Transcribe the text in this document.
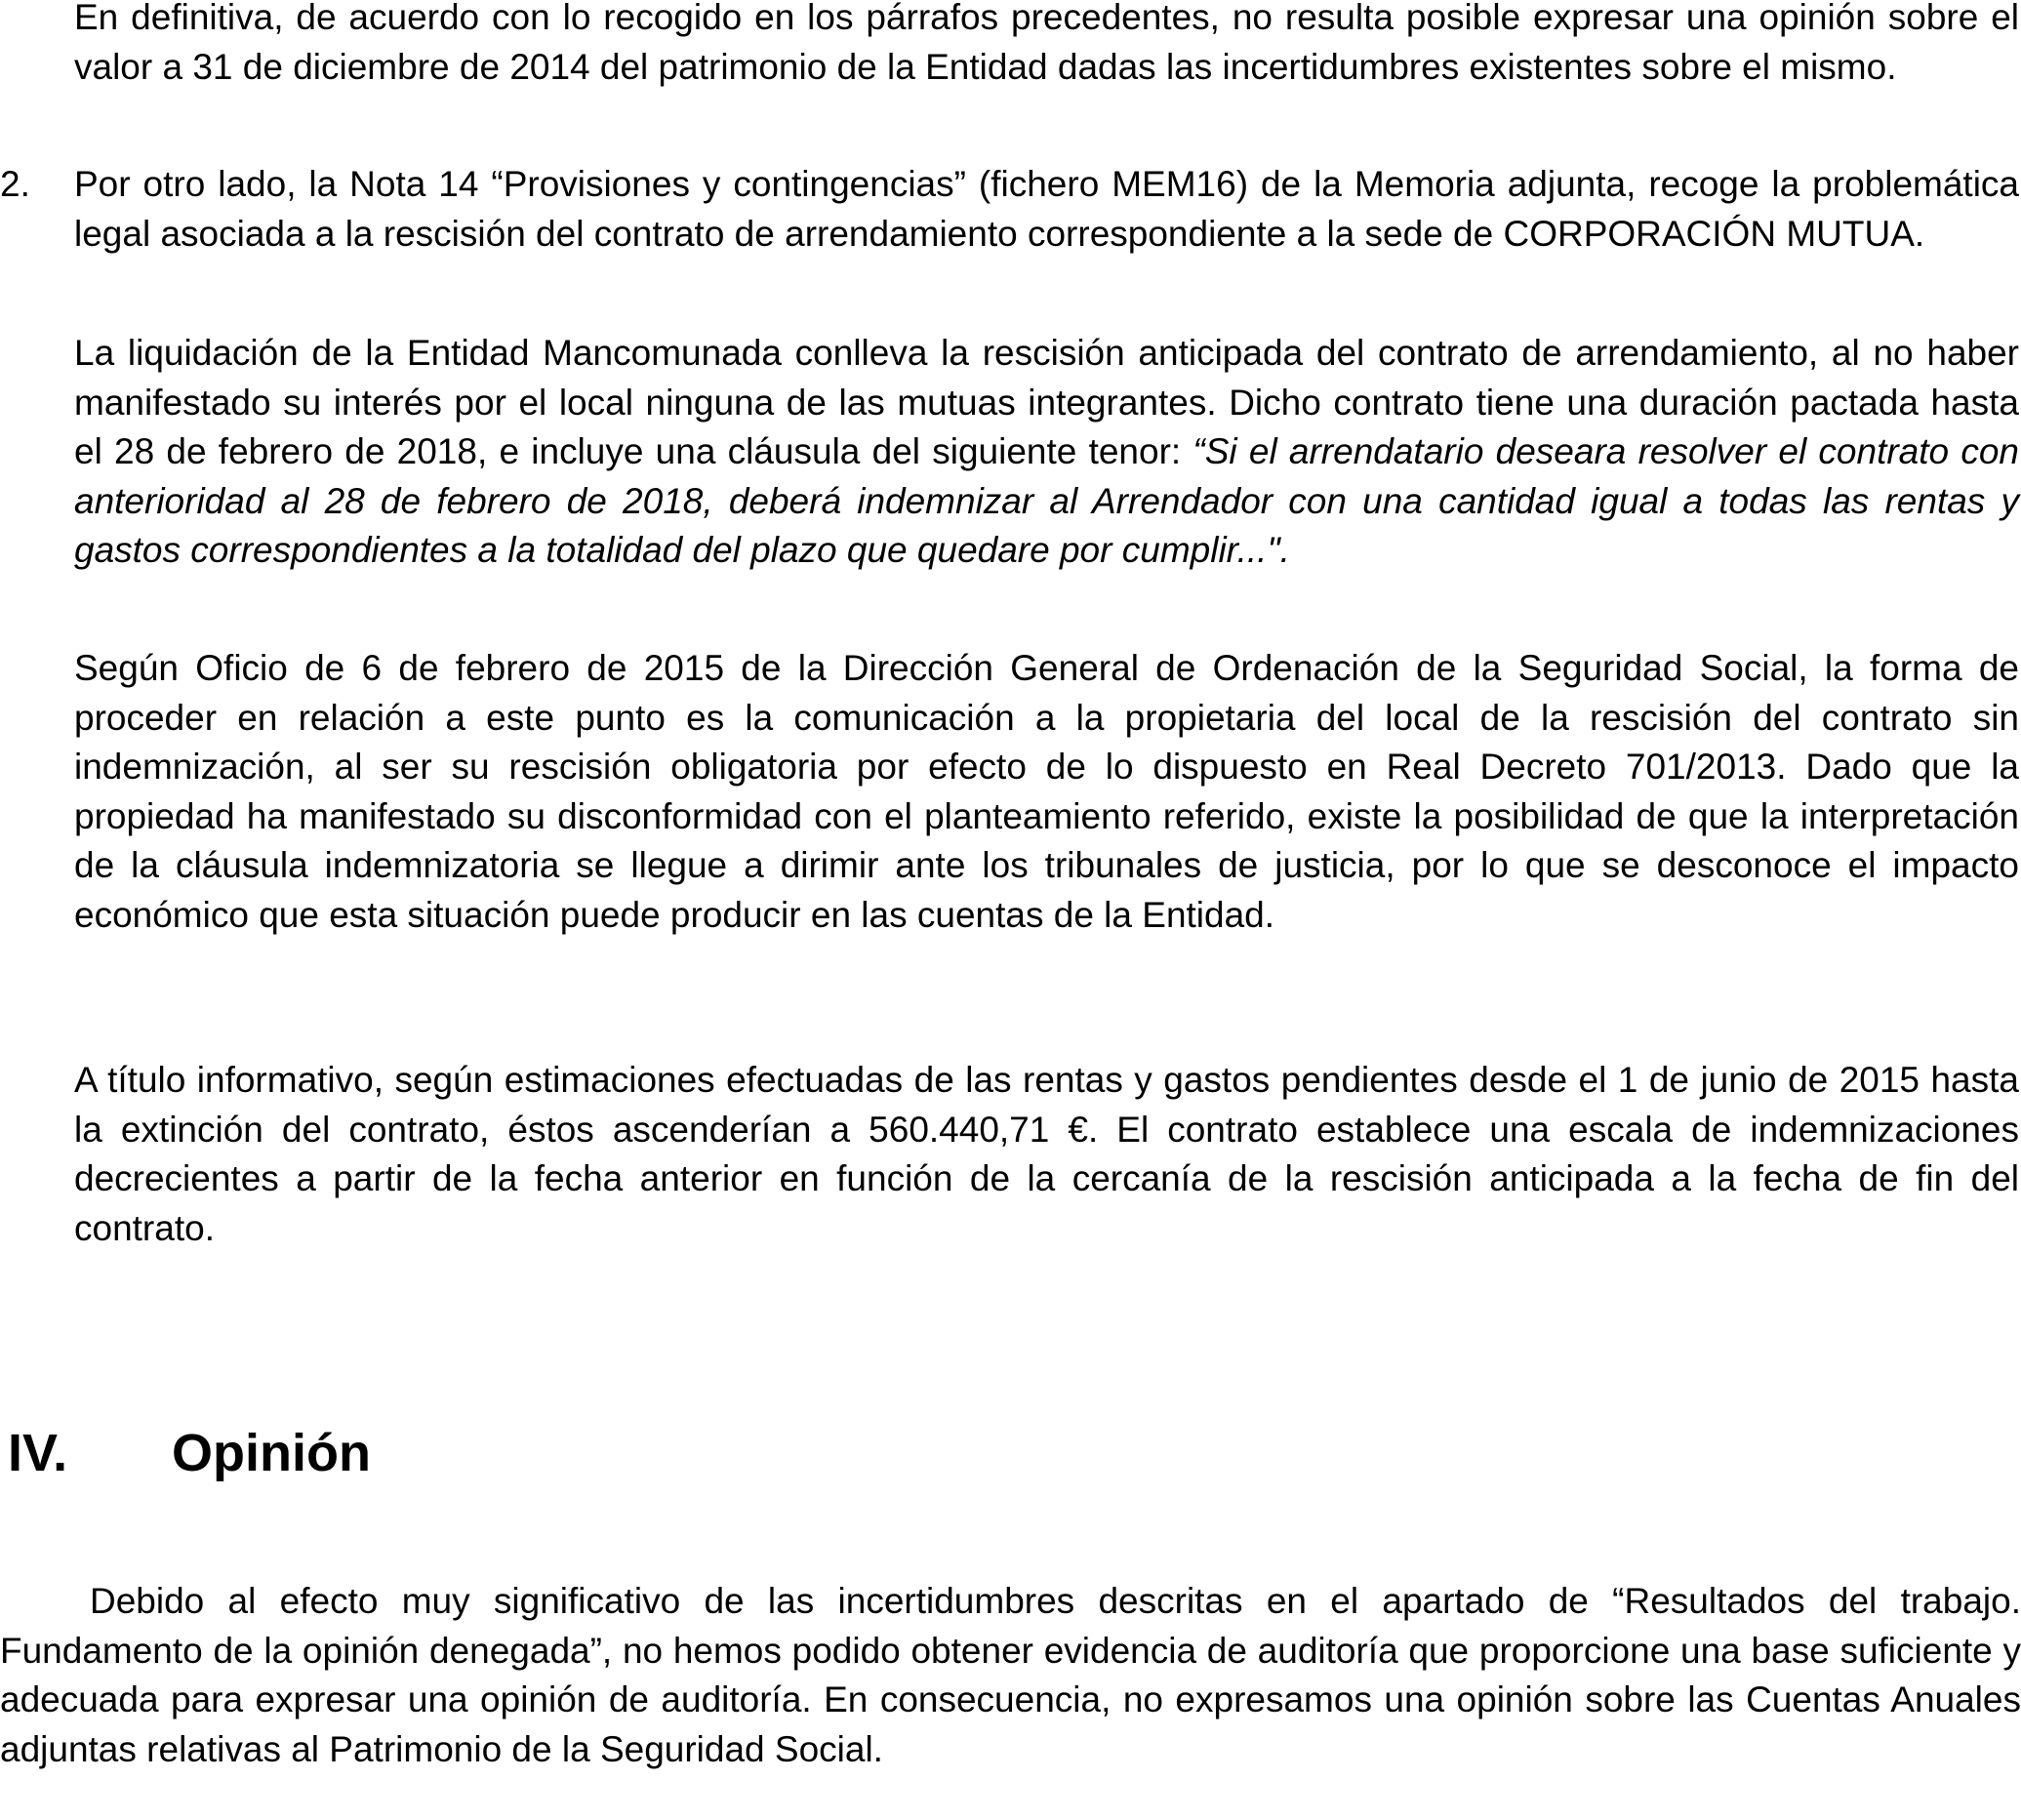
En definitiva, de acuerdo con lo recogido en los párrafos precedentes, no resulta posible expresar una opinión sobre el valor a 31 de diciembre de 2014 del patrimonio de la Entidad dadas las incertidumbres existentes sobre el mismo.

2. Por otro lado, la Nota 14 “Provisiones y contingencias” (fichero MEM16) de la Memoria adjunta, recoge la problemática legal asociada a la rescisión del contrato de arrendamiento correspondiente a la sede de CORPORACIÓN MUTUA.

La liquidación de la Entidad Mancomunada conlleva la rescisión anticipada del contrato de arrendamiento, al no haber manifestado su interés por el local ninguna de las mutuas integrantes. Dicho contrato tiene una duración pactada hasta el 28 de febrero de 2018, e incluye una cláusula del siguiente tenor: “Si el arrendatario deseara resolver el contrato con anterioridad al 28 de febrero de 2018, deberá indemnizar al Arrendador con una cantidad igual a todas las rentas y gastos correspondientes a la totalidad del plazo que quedare por cumplir...".

Según Oficio de 6 de febrero de 2015 de la Dirección General de Ordenación de la Seguridad Social, la forma de proceder en relación a este punto es la comunicación a la propietaria del local de la rescisión del contrato sin indemnización, al ser su rescisión obligatoria por efecto de lo dispuesto en Real Decreto 701/2013. Dado que la propiedad ha manifestado su disconformidad con el planteamiento referido, existe la posibilidad de que la interpretación de la cláusula indemnizatoria se llegue a dirimir ante los tribunales de justicia, por lo que se desconoce el impacto económico que esta situación puede producir en las cuentas de la Entidad.

A título informativo, según estimaciones efectuadas de las rentas y gastos pendientes desde el 1 de junio de 2015 hasta la extinción del contrato, éstos ascenderían a 560.440,71 €. El contrato establece una escala de indemnizaciones decrecientes a partir de la fecha anterior en función de la cercanía de la rescisión anticipada a la fecha de fin del contrato.

IV. Opinión

Debido al efecto muy significativo de las incertidumbres descritas en el apartado de “Resultados del trabajo. Fundamento de la opinión denegada”, no hemos podido obtener evidencia de auditoría que proporcione una base suficiente y adecuada para expresar una opinión de auditoría. En consecuencia, no expresamos una opinión sobre las Cuentas Anuales adjuntas relativas al Patrimonio de la Seguridad Social.
